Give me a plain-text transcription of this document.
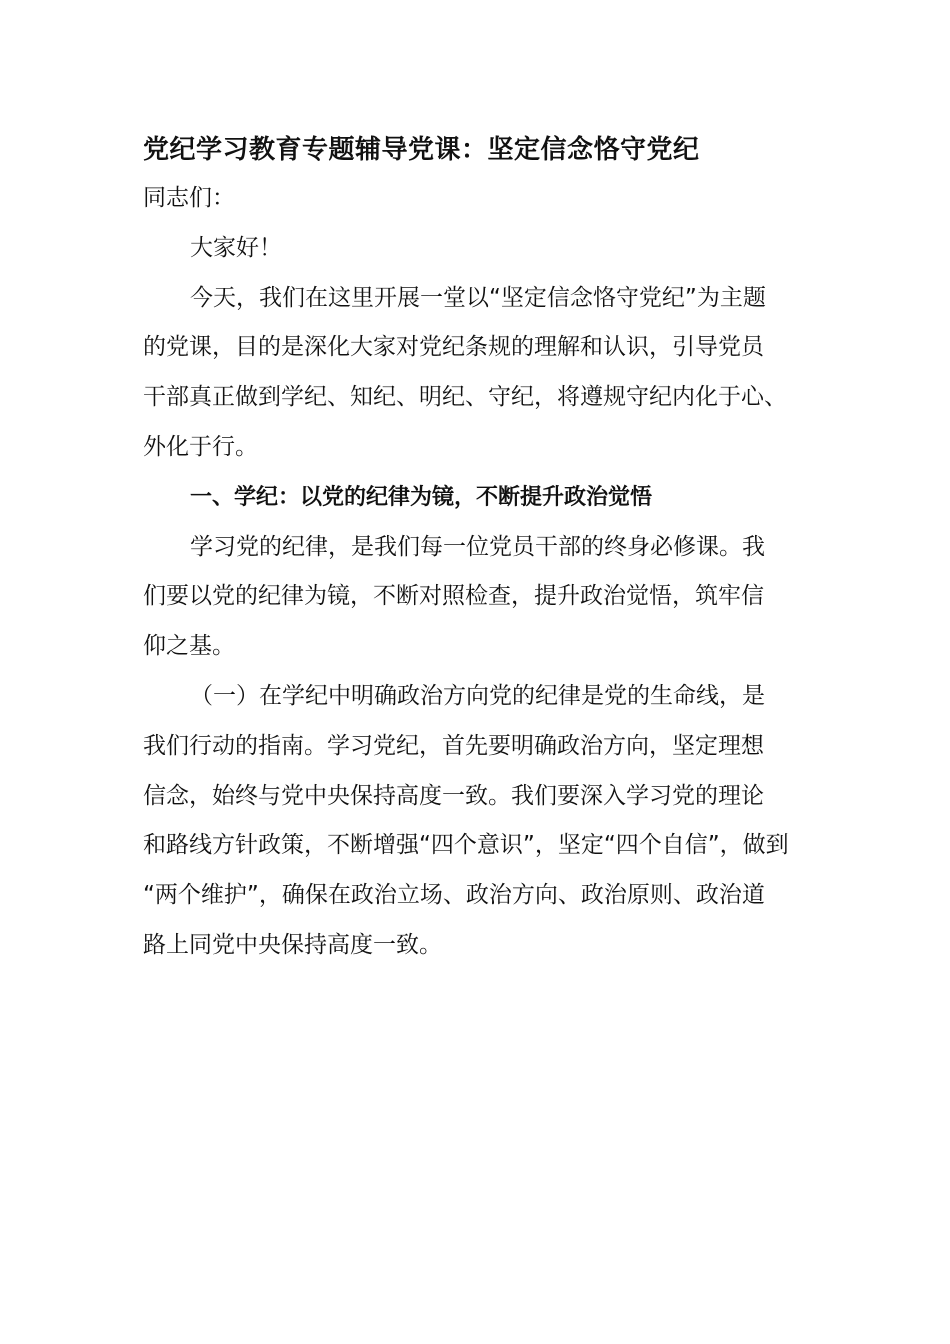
党纪学习教育专题辅导党课：坚定信念恪守党纪

同志们：

大家好！

今天，我们在这里开展一堂以“坚定信念恪守党纪”为主题

的党课，目的是深化大家对党纪条规的理解和认识，引导党员

干部真正做到学纪、知纪、明纪、守纪，将遵规守纪内化于心、

外化于行。

一、学纪：以党的纪律为镜，不断提升政治觉悟

学习党的纪律，是我们每一位党员干部的终身必修课。我

们要以党的纪律为镜，不断对照检查，提升政治觉悟，筑牢信

仰之基。

（一）在学纪中明确政治方向党的纪律是党的生命线，是

我们行动的指南。学习党纪，首先要明确政治方向，坚定理想

信念，始终与党中央保持高度一致。我们要深入学习党的理论

和路线方针政策，不断增强“四个意识”，坚定“四个自信”，做到

“两个维护”，确保在政治立场、政治方向、政治原则、政治道

路上同党中央保持高度一致。
